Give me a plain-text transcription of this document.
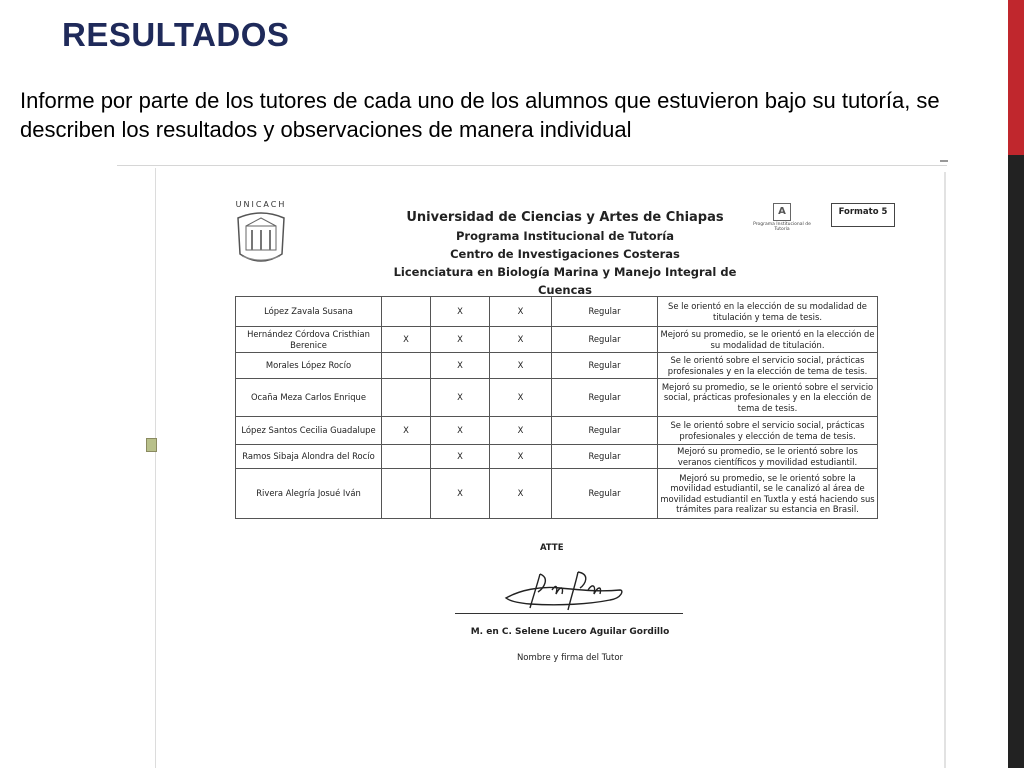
RESULTADOS
Informe por parte de los tutores de cada uno de los alumnos que estuvieron bajo su tutoría, se describen los resultados y observaciones de manera individual
UNICACH
Universidad de Ciencias y Artes de Chiapas
Programa Institucional de Tutoría
Centro de Investigaciones Costeras
Licenciatura en Biología Marina y Manejo Integral de Cuencas
A
Programa Institucional de Tutoría
Formato 5
López Zavala Susana		X	X	Regular	Se le orientó en la elección de su modalidad de titulación y tema de tesis.
Hernández Córdova Cristhian Berenice	X	X	X	Regular	Mejoró su promedio, se le orientó en la elección de su modalidad de titulación.
Morales López Rocío		X	X	Regular	Se le orientó sobre el servicio social, prácticas profesionales y en la elección de tema de tesis.
Ocaña Meza Carlos Enrique		X	X	Regular	Mejoró su promedio, se le orientó sobre el servicio social, prácticas profesionales y en la elección de tema de tesis.
López Santos Cecilia Guadalupe	X	X	X	Regular	Se le orientó sobre el servicio social, prácticas profesionales y elección de tema de tesis.
Ramos Sibaja Alondra del Rocío		X	X	Regular	Mejoró su promedio, se le orientó sobre los veranos científicos y movilidad estudiantil.
Rivera Alegría Josué Iván		X	X	Regular	Mejoró su promedio, se le orientó sobre la movilidad estudiantil, se le canalizó al área de movilidad estudiantil en Tuxtla y está haciendo sus trámites para realizar su estancia en Brasil.
ATTE
M. en C. Selene Lucero Aguilar Gordillo
Nombre y firma del Tutor
